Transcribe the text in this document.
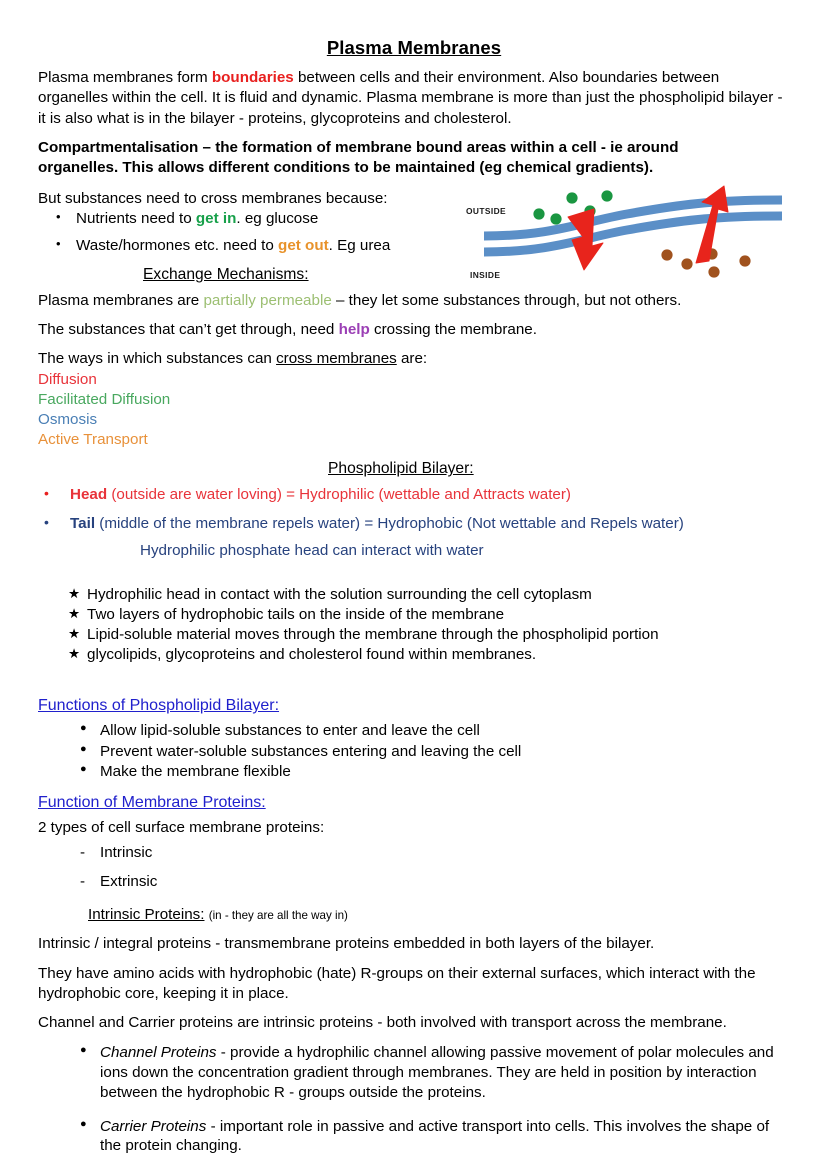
Plasma Membranes

Plasma membranes form boundaries between cells and their environment. Also boundaries between organelles within the cell. It is fluid and dynamic. Plasma membrane is more than just the phospholipid bilayer - it is also what is in the bilayer - proteins, glycoproteins and cholesterol.

Compartmentalisation – the formation of membrane bound areas within a cell - ie around organelles. This allows different conditions to be maintained (eg chemical gradients).

But substances need to cross membranes because:

• Nutrients need to get in. eg glucose
• Waste/hormones etc. need to get out. Eg urea
Exchange Mechanisms:

Plasma membranes are partially permeable – they let some substances through, but not others.

The substances that can’t get through, need help crossing the membrane.

The ways in which substances can cross membranes are:

Diffusion
Facilitated Diffusion
Osmosis
Active Transport
Phospholipid Bilayer:
• Head (outside are water loving) = Hydrophilic (wettable and Attracts water)
• Tail (middle of the membrane repels water) = Hydrophobic (Not wettable and Repels water)
Hydrophilic phosphate head can interact with water
★ Hydrophilic head in contact with the solution surrounding the cell cytoplasm
★ Two layers of hydrophobic tails on the inside of the membrane
★ Lipid-soluble material moves through the membrane through the phospholipid portion
★ glycolipids, glycoproteins and cholesterol found within membranes.
Functions of Phospholipid Bilayer:
● Allow lipid-soluble substances to enter and leave the cell
● Prevent water-soluble substances entering and leaving the cell
● Make the membrane flexible
Function of Membrane Proteins:

2 types of cell surface membrane proteins:

- Intrinsic
- Extrinsic
Intrinsic Proteins: (in - they are all the way in)

Intrinsic / integral proteins - transmembrane proteins embedded in both layers of the bilayer.

They have amino acids with hydrophobic (hate) R-groups on their external surfaces, which interact with the hydrophobic core, keeping it in place.

Channel and Carrier proteins are intrinsic proteins - both involved with transport across the membrane.

● Channel Proteins - provide a hydrophilic channel allowing passive movement of polar molecules and ions down the concentration gradient through membranes. They are held in position by interaction between the hydrophobic R - groups outside the proteins.
● Carrier Proteins - important role in passive and active transport into cells. This involves the shape of the protein changing.
OUTSIDE
INSIDE
